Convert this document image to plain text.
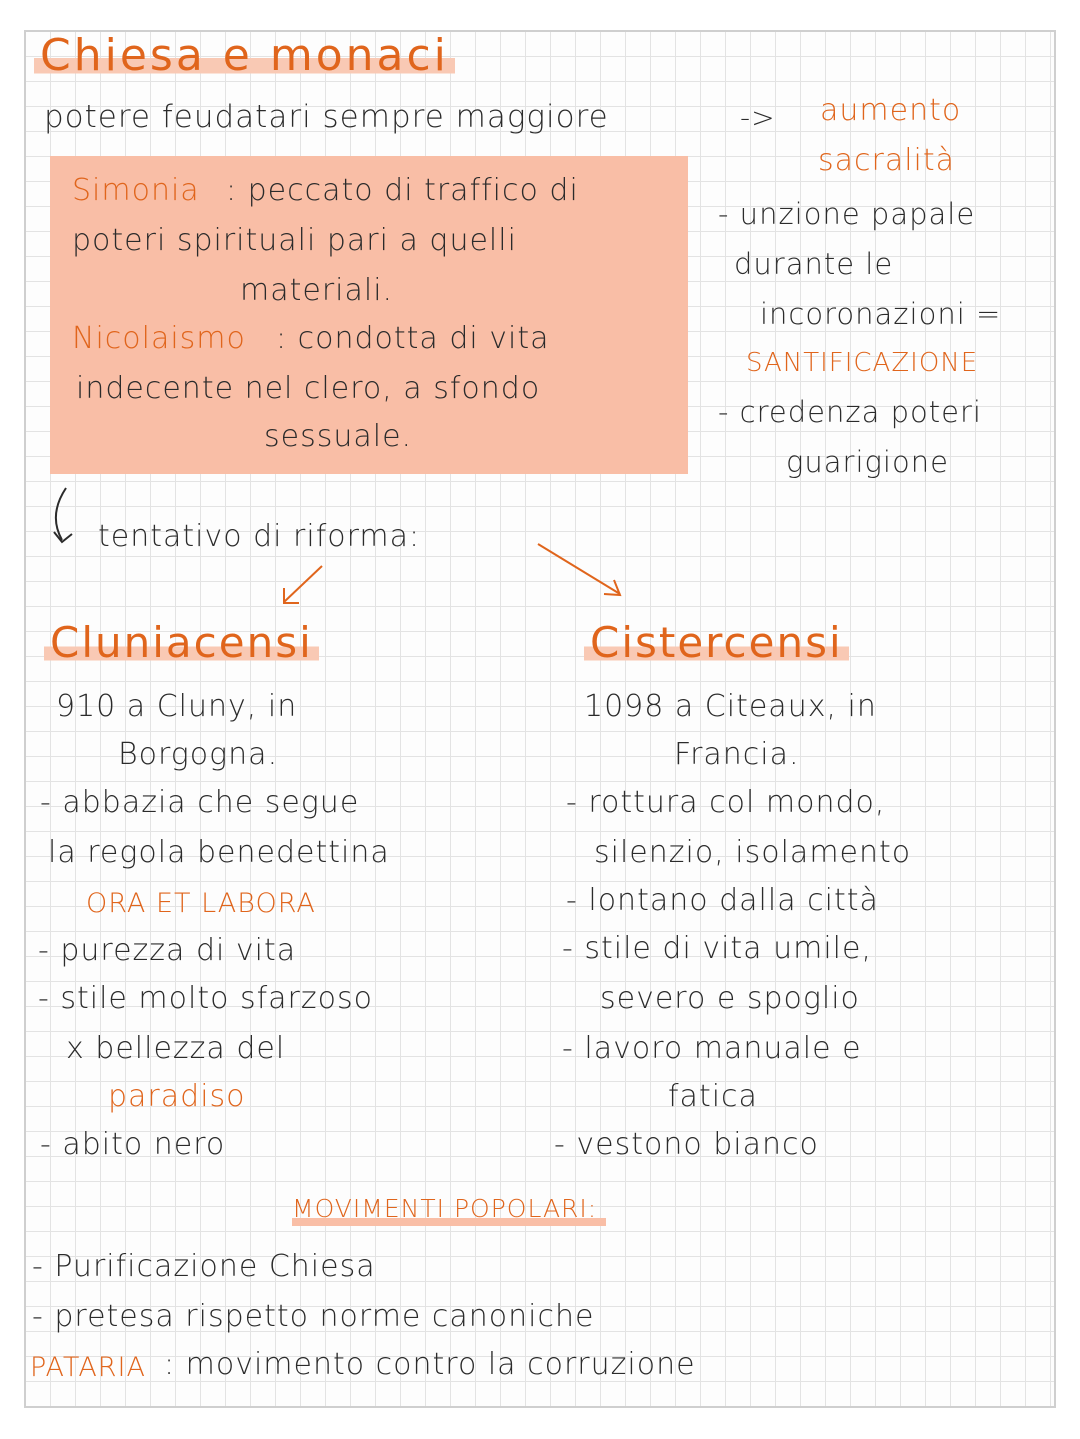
Chiesa e monaci
potere feudatari sempre maggiore	-> aumento
sacralità
Simonia : peccato di traffico di
poteri spirituali pari a quelli
materiali.
Nicolaismo : condotta di vita
indecente nel clero, a sfondo
sessuale.
- unzione papale
durante le
incoronazioni =
SANTIFICAZIONE
- credenza poteri
guarigione
tentativo di riforma:
Cluniacensi
910 a Cluny, in
Borgogna.
- abbazia che segue
la regola benedettina
ORA ET LABORA
- purezza di vita
- stile molto sfarzoso
x bellezza del
paradiso
- abito nero
Cistercensi
1098 a Citeaux, in
Francia.
- rottura col mondo,
silenzio, isolamento
- lontano dalla città
- stile di vita umile,
severo e spoglio
- lavoro manuale e
fatica
- vestono bianco
MOVIMENTI POPOLARI:
- Purificazione Chiesa
- pretesa rispetto norme canoniche
PATARIA : movimento contro la corruzione
